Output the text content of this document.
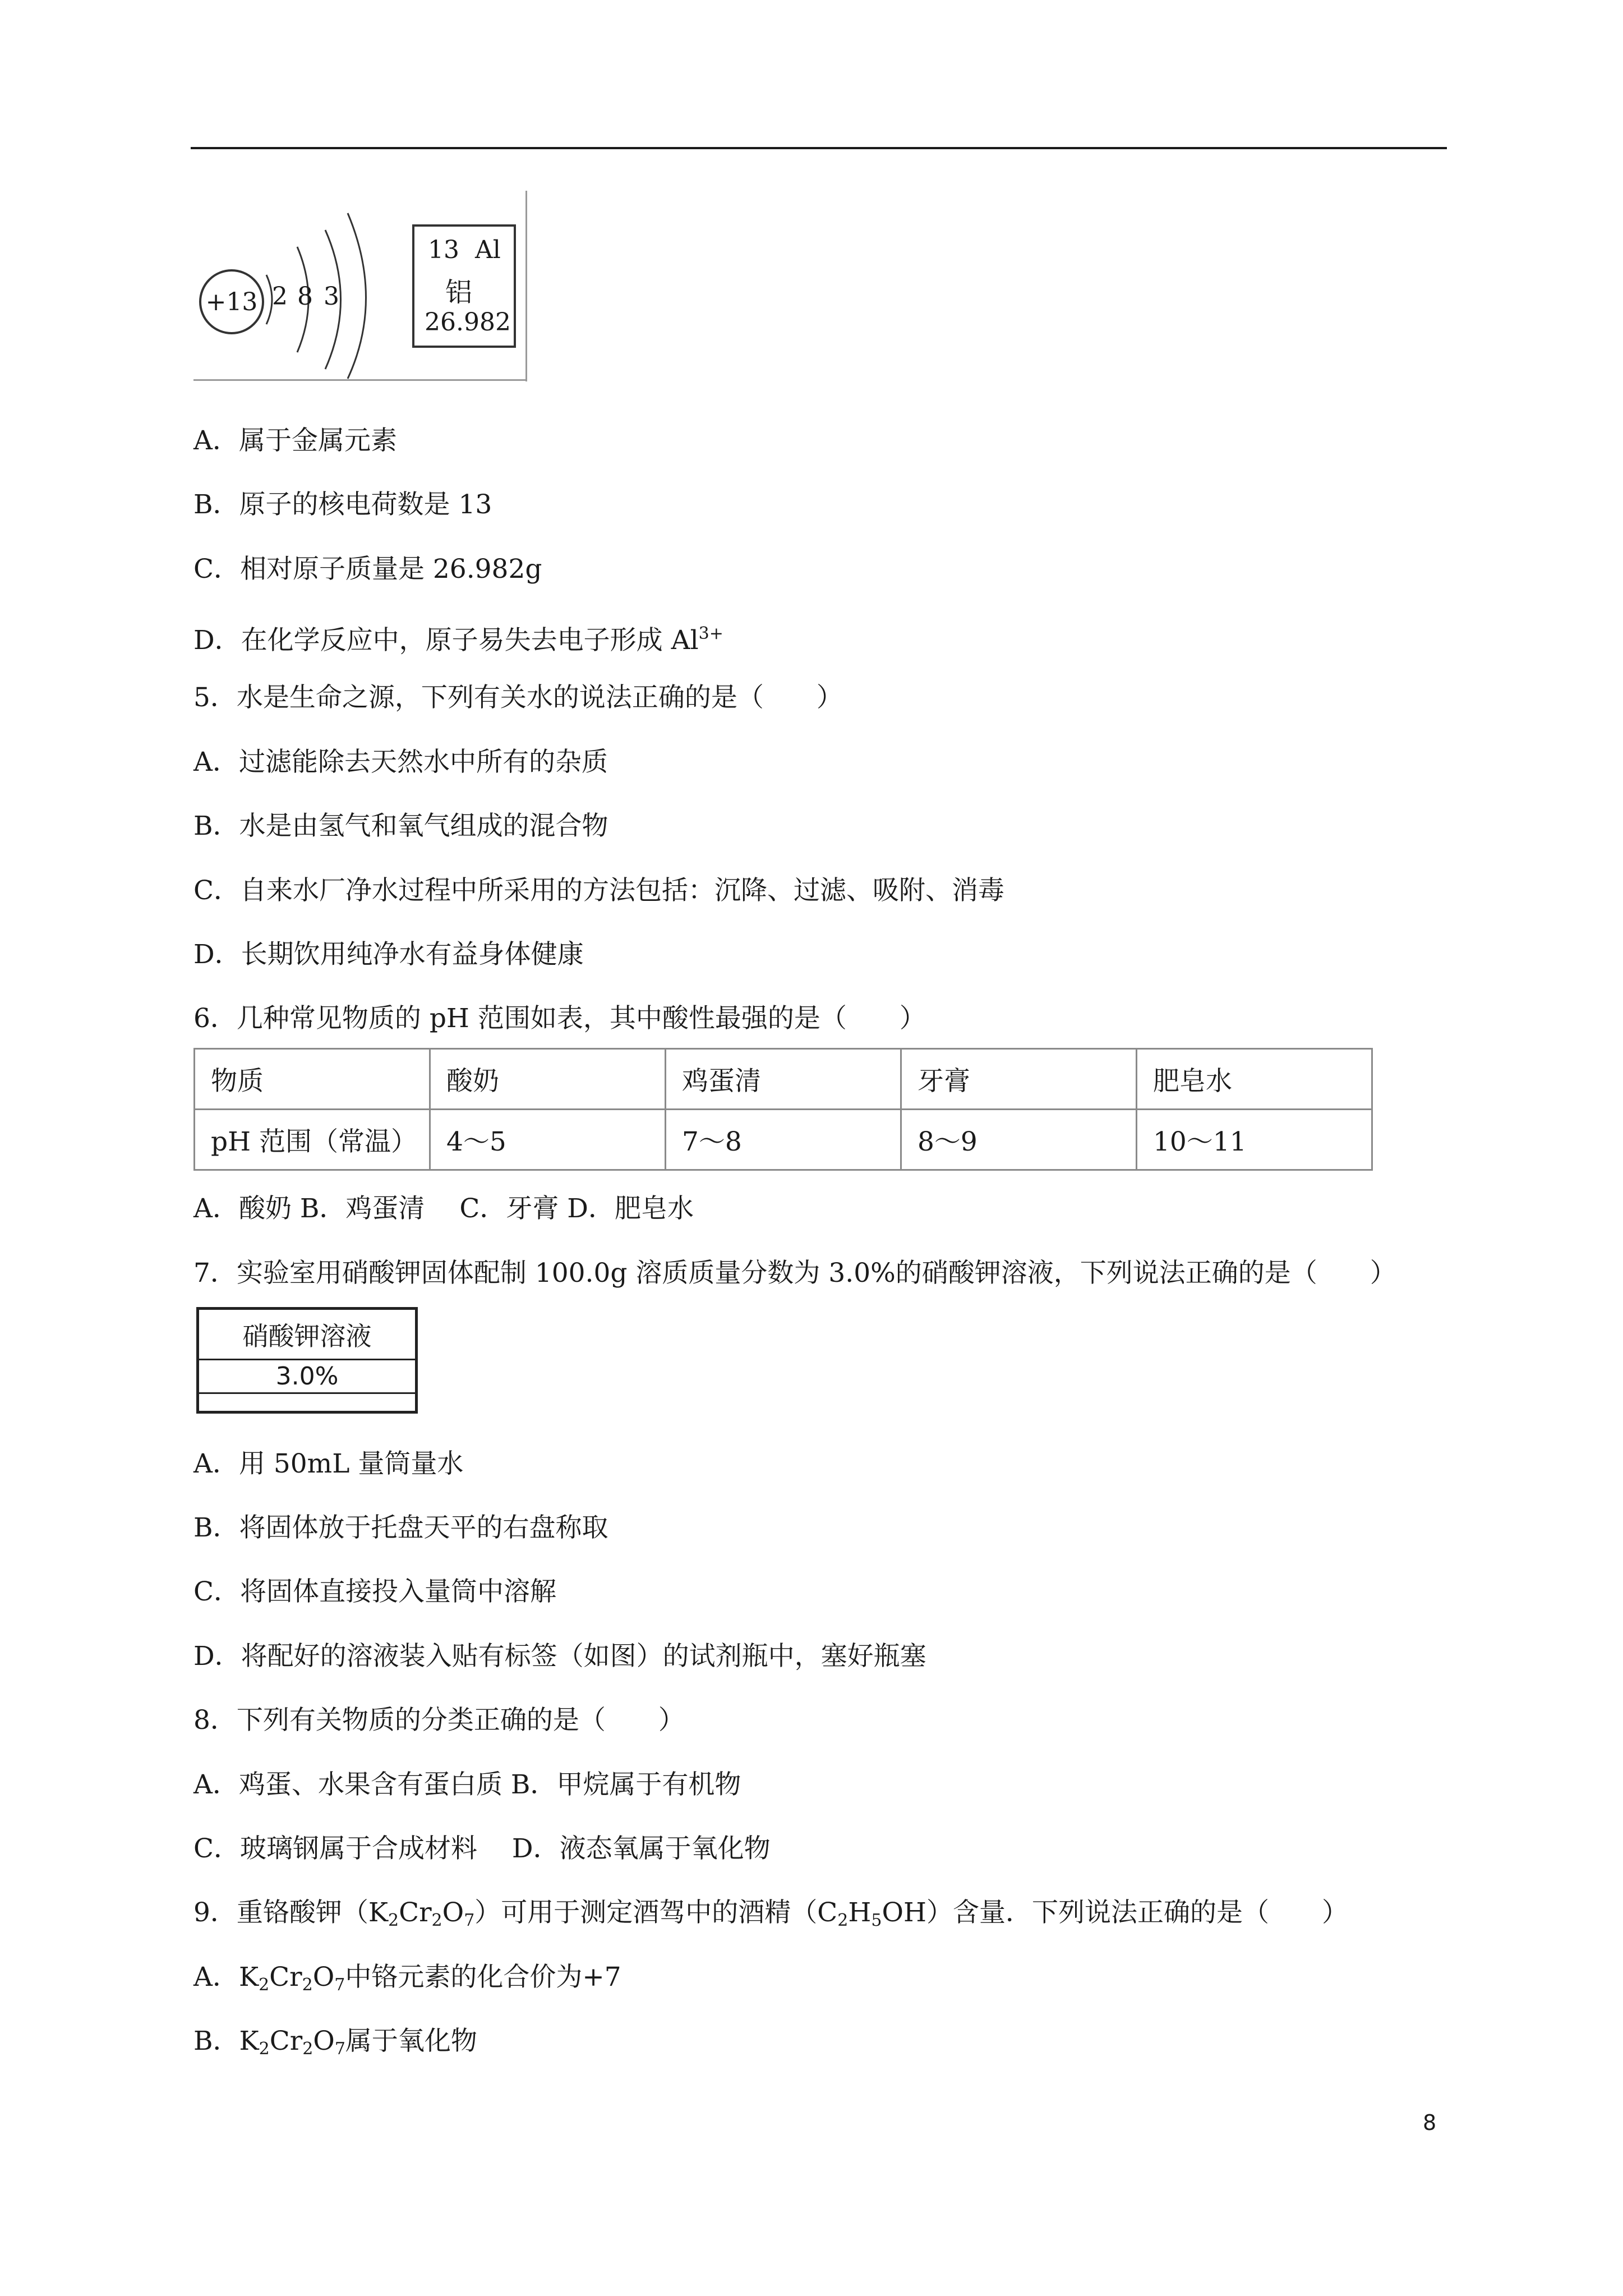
+13 2 8 3
13  Al
铝
26.982
A．属于金属元素
B．原子的核电荷数是 13
C．相对原子质量是 26.982g
D．在化学反应中，原子易失去电子形成 $Al^{3+}$
5．水是生命之源，下列有关水的说法正确的是（　　）
A．过滤能除去天然水中所有的杂质
B．水是由氢气和氧气组成的混合物
C．自来水厂净水过程中所采用的方法包括：沉降、过滤、吸附、消毒
D．长期饮用纯净水有益身体健康
6．几种常见物质的 pH 范围如表，其中酸性最强的是（　　）
物质	酸奶	鸡蛋清	牙膏	肥皂水
pH 范围（常温）	4～5	7～8	8～9	10～11
A．酸奶 B．鸡蛋清　 C．牙膏 D．肥皂水
7．实验室用硝酸钾固体配制 100.0g 溶质质量分数为 3.0%的硝酸钾溶液，下列说法正确的是（　　）
硝酸钾溶液
3.0%
A．用 50mL 量筒量水
B．将固体放于托盘天平的右盘称取
C．将固体直接投入量筒中溶解
D．将配好的溶液装入贴有标签（如图）的试剂瓶中，塞好瓶塞
8．下列有关物质的分类正确的是（　　）
A．鸡蛋、水果含有蛋白质 B．甲烷属于有机物
C．玻璃钢属于合成材料　 D．液态氧属于氧化物
9．重铬酸钾$(K_2Cr_2O_7)$可用于测定酒驾中的酒精$(C_2H_5OH)$含量．下列说法正确的是（　　）
A．$K_2Cr_2O_7$中铬元素的化合价为+7
B．$K_2Cr_2O_7$属于氧化物
8
